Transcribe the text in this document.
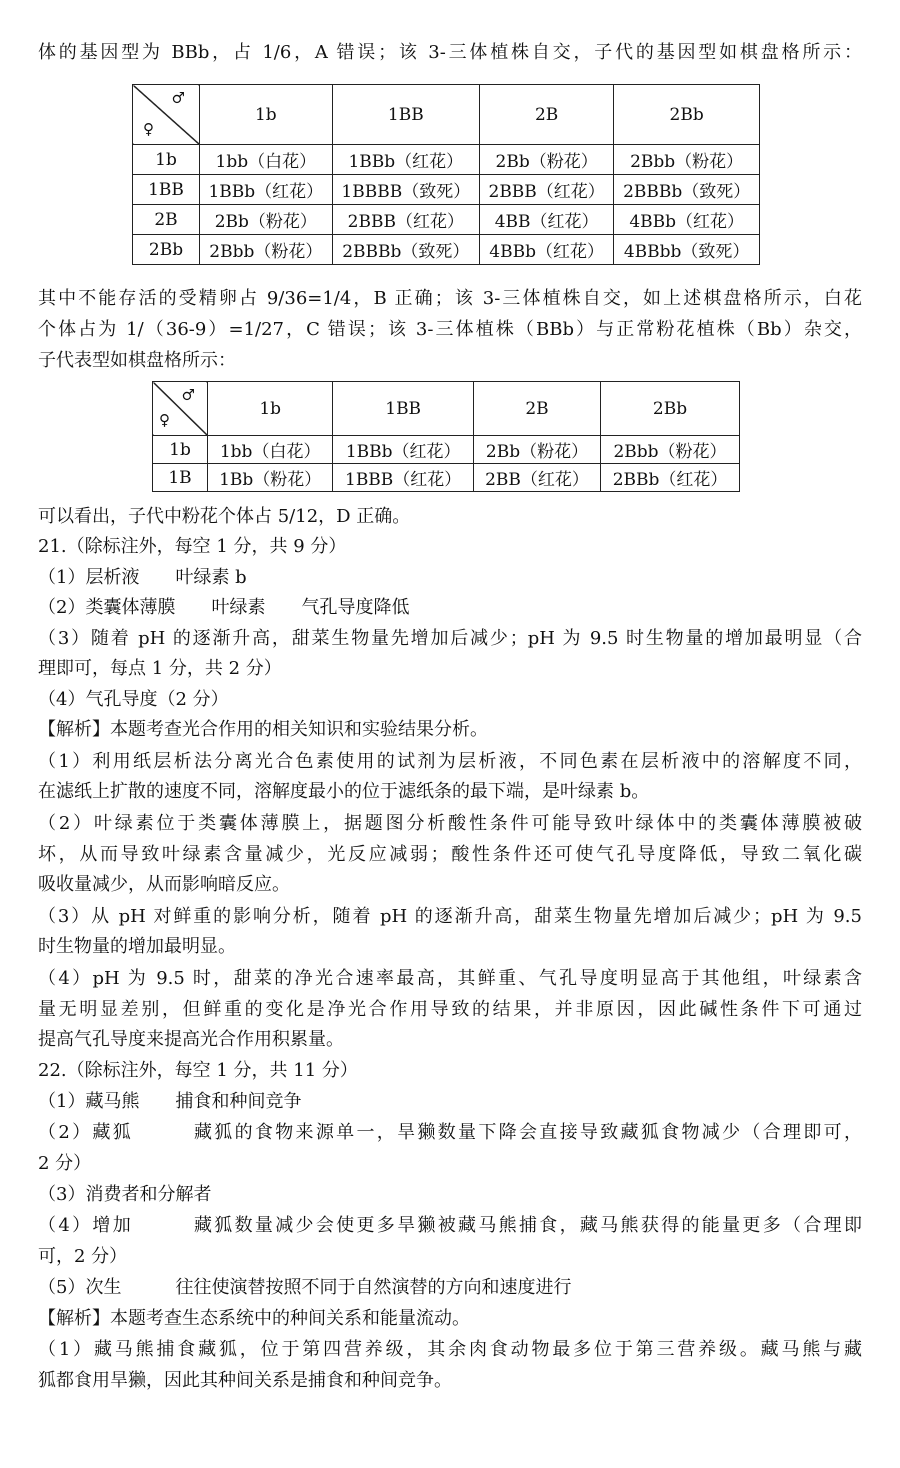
体的基因型为 BBb，占 1/6，A 错误；该 3-三体植株自交，子代的基因型如棋盘格所示：
♂
♀	1b	1BB	2B	2Bb
1b	1bb（白花）	1BBb（红花）	2Bb（粉花）	2Bbb（粉花）
1BB	1BBb（红花）	1BBBB（致死）	2BBB（红花）	2BBBb（致死）
2B	2Bb（粉花）	2BBB（红花）	4BB（红花）	4BBb（红花）
2Bb	2Bbb（粉花）	2BBBb（致死）	4BBb（红花）	4BBbb（致死）
其中不能存活的受精卵占 9/36=1/4，B 正确；该 3-三体植株自交，如上述棋盘格所示，白花
个体占为 1/（36-9）=1/27，C 错误；该 3-三体植株（BBb）与正常粉花植株（Bb）杂交，
子代表型如棋盘格所示：
♂
♀	1b	1BB	2B	2Bb
1b	1bb（白花）	1BBb（红花）	2Bb（粉花）	2Bbb（粉花）
1B	1Bb（粉花）	1BBB（红花）	2BB（红花）	2BBb（红花）
可以看出，子代中粉花个体占 5/12，D 正确。
21.（除标注外，每空 1 分，共 9 分）
（1）层析液　　叶绿素 b
（2）类囊体薄膜　　叶绿素　　气孔导度降低
（3）随着 pH 的逐渐升高，甜菜生物量先增加后减少；pH 为 9.5 时生物量的增加最明显（合
理即可，每点 1 分，共 2 分）
（4）气孔导度（2 分）
【解析】本题考查光合作用的相关知识和实验结果分析。
（1）利用纸层析法分离光合色素使用的试剂为层析液，不同色素在层析液中的溶解度不同，
在滤纸上扩散的速度不同，溶解度最小的位于滤纸条的最下端，是叶绿素 b。
（2）叶绿素位于类囊体薄膜上，据题图分析酸性条件可能导致叶绿体中的类囊体薄膜被破
坏，从而导致叶绿素含量减少，光反应减弱；酸性条件还可使气孔导度降低，导致二氧化碳
吸收量减少，从而影响暗反应。
（3）从 pH 对鲜重的影响分析，随着 pH 的逐渐升高，甜菜生物量先增加后减少；pH 为 9.5
时生物量的增加最明显。
（4）pH 为 9.5 时，甜菜的净光合速率最高，其鲜重、气孔导度明显高于其他组，叶绿素含
量无明显差别，但鲜重的变化是净光合作用导致的结果，并非原因，因此碱性条件下可通过
提高气孔导度来提高光合作用积累量。
22.（除标注外，每空 1 分，共 11 分）
（1）藏马熊　　捕食和种间竞争
（2）藏狐　　　藏狐的食物来源单一，旱獭数量下降会直接导致藏狐食物减少（合理即可，
2 分）
（3）消费者和分解者
（4）增加　　　藏狐数量减少会使更多旱獭被藏马熊捕食，藏马熊获得的能量更多（合理即
可，2 分）
（5）次生　　　往往使演替按照不同于自然演替的方向和速度进行
【解析】本题考查生态系统中的种间关系和能量流动。
（1）藏马熊捕食藏狐，位于第四营养级，其余肉食动物最多位于第三营养级。藏马熊与藏
狐都食用旱獭，因此其种间关系是捕食和种间竞争。
